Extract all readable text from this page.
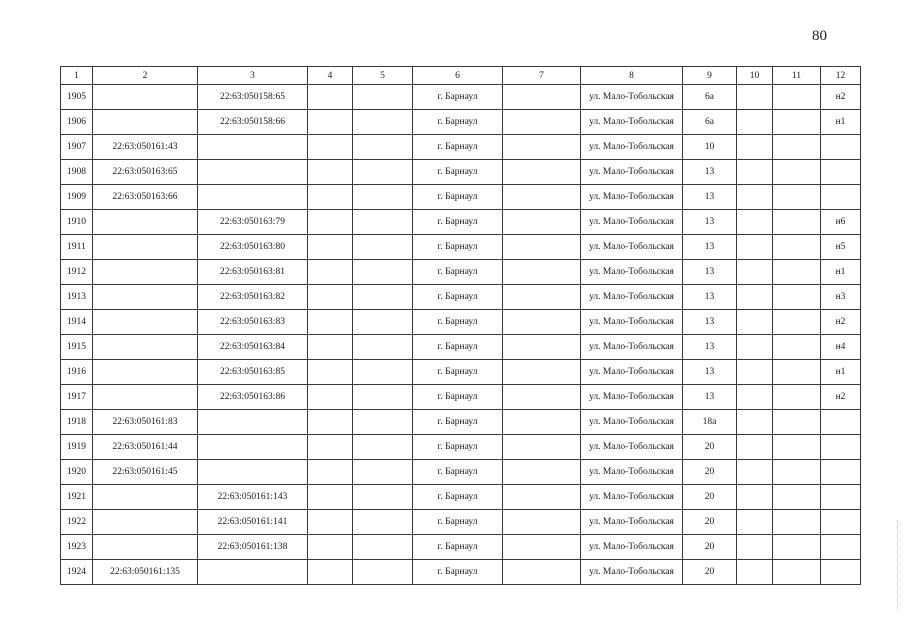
80
1	2	3	4	5	6	7	8	9	10	11	12
1905		22:63:050158:65			г. Барнаул		ул. Мало-Тобольская	6а			н2
1906		22:63:050158:66			г. Барнаул		ул. Мало-Тобольская	6а			н1
1907	22:63:050161:43				г. Барнаул		ул. Мало-Тобольская	10			
1908	22:63:050163:65				г. Барнаул		ул. Мало-Тобольская	13			
1909	22:63:050163:66				г. Барнаул		ул. Мало-Тобольская	13			
1910		22:63:050163:79			г. Барнаул		ул. Мало-Тобольская	13			н6
1911		22:63:050163:80			г. Барнаул		ул. Мало-Тобольская	13			н5
1912		22:63:050163:81			г. Барнаул		ул. Мало-Тобольская	13			н1
1913		22:63:050163:82			г. Барнаул		ул. Мало-Тобольская	13			н3
1914		22:63:050163:83			г. Барнаул		ул. Мало-Тобольская	13			н2
1915		22:63:050163:84			г. Барнаул		ул. Мало-Тобольская	13			н4
1916		22:63:050163:85			г. Барнаул		ул. Мало-Тобольская	13			н1
1917		22:63:050163:86			г. Барнаул		ул. Мало-Тобольская	13			н2
1918	22:63:050161:83				г. Барнаул		ул. Мало-Тобольская	18а			
1919	22:63:050161:44				г. Барнаул		ул. Мало-Тобольская	20			
1920	22:63:050161:45				г. Барнаул		ул. Мало-Тобольская	20			
1921		22:63:050161:143			г. Барнаул		ул. Мало-Тобольская	20			
1922		22:63:050161:141			г. Барнаул		ул. Мало-Тобольская	20			
1923		22:63:050161:138			г. Барнаул		ул. Мало-Тобольская	20			
1924	22:63:050161:135				г. Барнаул		ул. Мало-Тобольская	20			
